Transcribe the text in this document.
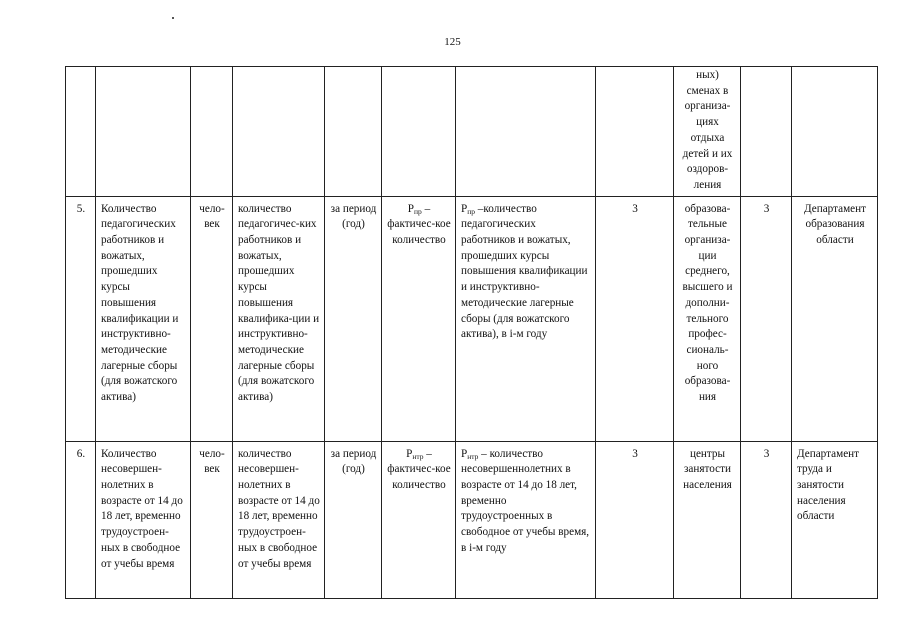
125
								ных) сменах в организа-циях отдыха детей и их оздоров-ления		
5.	Количество педагогических работников и вожатых, прошедших курсы повышения квалификации и инструктивно-методические лагерные сборы (для вожатского актива)	чело-век	количество педагогичес-ких работников и вожатых, прошедших курсы повышения квалифика-ции и инструктивно-методические лагерные сборы (для вожатского актива)	за период (год)	$P_{пр}$ – фактичес-кое количество	$P_{пр}$ –количество педагогических работников и вожатых, прошедших курсы повышения квалификации и инструктивно-методические лагерные сборы (для вожатского актива), в i-м году	3	образова-тельные организа-ции среднего, высшего и дополни-тельного профес-сиональ-ного образова-ния	3	Департамент образования области
6.	Количество несовершен-нолетних в возрасте от 14 до 18 лет, временно трудоустроен-ных в свободное от учебы время	чело-век	количество несовершен-нолетних в возрасте от 14 до 18 лет, временно трудоустроен-ных в свободное от учебы время	за период (год)	$P_{нтр}$ – фактичес-кое количество	$P_{нтр}$ – количество несовершеннолетних в возрасте от 14 до 18 лет, временно трудоустроенных в свободное от учебы время, в i-м году	3	центры занятости населения	3	Департамент труда и занятости населения области
